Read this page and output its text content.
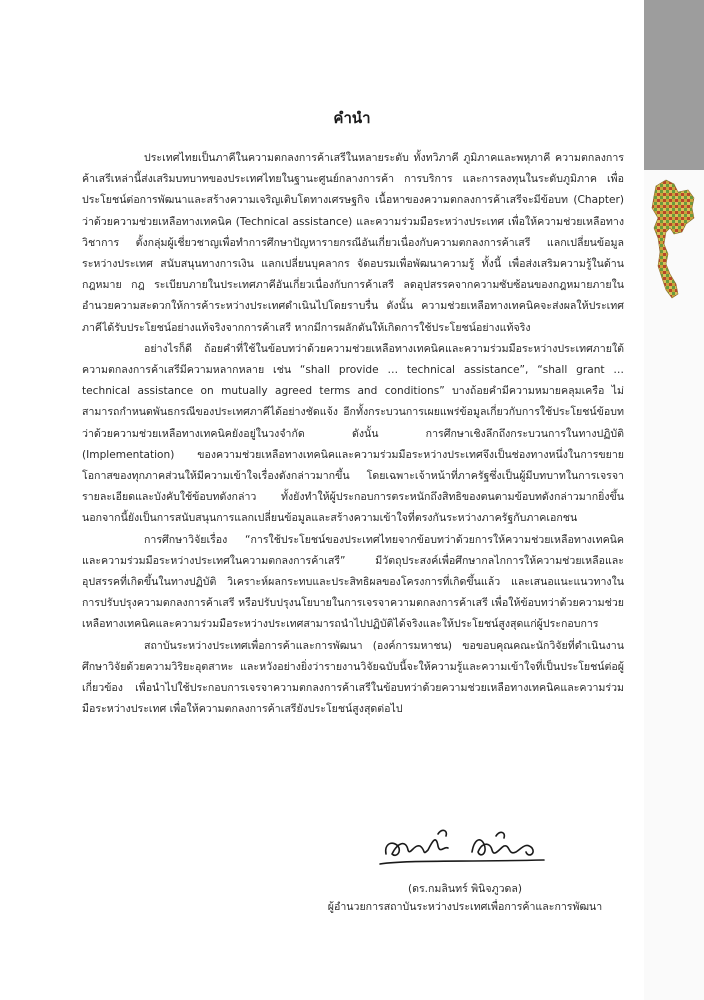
คำนำ

ประเทศไทยเป็นภาคีในความตกลงการค้าเสรีในหลายระดับ ทั้งทวิภาคี ภูมิภาคและพหุภาคี ความตกลงการค้าเสรีเหล่านี้ส่งเสริมบทบาทของประเทศไทยในฐานะศูนย์กลางการค้า การบริการ และการลงทุนในระดับภูมิภาค เพื่อประโยชน์ต่อการพัฒนาและสร้างความเจริญเติบโตทางเศรษฐกิจ เนื้อหาของความตกลงการค้าเสรีจะมีข้อบท (Chapter) ว่าด้วยความช่วยเหลือทางเทคนิค (Technical assistance) และความร่วมมือระหว่างประเทศ เพื่อให้ความช่วยเหลือทางวิชาการ ตั้งกลุ่มผู้เชี่ยวชาญเพื่อทำการศึกษาปัญหารายกรณีอันเกี่ยวเนื่องกับความตกลงการค้าเสรี แลกเปลี่ยนข้อมูลระหว่างประเทศ สนับสนุนทางการเงิน แลกเปลี่ยนบุคลากร จัดอบรมเพื่อพัฒนาความรู้ ทั้งนี้ เพื่อส่งเสริมความรู้ในด้านกฎหมาย กฎ ระเบียบภายในประเทศภาคีอันเกี่ยวเนื่องกับการค้าเสรี ลดอุปสรรคจากความซับซ้อนของกฎหมายภายใน อำนวยความสะดวกให้การค้าระหว่างประเทศดำเนินไปโดยราบรื่น ดังนั้น ความช่วยเหลือทางเทคนิคจะส่งผลให้ประเทศภาคีได้รับประโยชน์อย่างแท้จริงจากการค้าเสรี หากมีการผลักดันให้เกิดการใช้ประโยชน์อย่างแท้จริง

อย่างไรก็ดี ถ้อยคำที่ใช้ในข้อบทว่าด้วยความช่วยเหลือทางเทคนิคและความร่วมมือระหว่างประเทศภายใต้ความตกลงการค้าเสรีมีความหลากหลาย เช่น “shall provide … technical assistance”, “shall grant … technical assistance on mutually agreed terms and conditions” บางถ้อยคำมีความหมายคลุมเครือ ไม่สามารถกำหนดพันธกรณีของประเทศภาคีได้อย่างชัดแจ้ง อีกทั้งกระบวนการเผยแพร่ข้อมูลเกี่ยวกับการใช้ประโยชน์ข้อบทว่าด้วยความช่วยเหลือทางเทคนิคยังอยู่ในวงจำกัด ดังนั้น การศึกษาเชิงลึกถึงกระบวนการในทางปฏิบัติ (Implementation) ของความช่วยเหลือทางเทคนิคและความร่วมมือระหว่างประเทศจึงเป็นช่องทางหนึ่งในการขยายโอกาสของทุกภาคส่วนให้มีความเข้าใจเรื่องดังกล่าวมากขึ้น โดยเฉพาะเจ้าหน้าที่ภาครัฐซึ่งเป็นผู้มีบทบาทในการเจรจารายละเอียดและบังคับใช้ข้อบทดังกล่าว ทั้งยังทำให้ผู้ประกอบการตระหนักถึงสิทธิของตนตามข้อบทดังกล่าวมากยิ่งขึ้น นอกจากนี้ยังเป็นการสนับสนุนการแลกเปลี่ยนข้อมูลและสร้างความเข้าใจที่ตรงกันระหว่างภาครัฐกับภาคเอกชน

การศึกษาวิจัยเรื่อง “การใช้ประโยชน์ของประเทศไทยจากข้อบทว่าด้วยการให้ความช่วยเหลือทางเทคนิคและความร่วมมือระหว่างประเทศในความตกลงการค้าเสรี” มีวัตถุประสงค์เพื่อศึกษากลไกการให้ความช่วยเหลือและอุปสรรคที่เกิดขึ้นในทางปฏิบัติ วิเคราะห์ผลกระทบและประสิทธิผลของโครงการที่เกิดขึ้นแล้ว และเสนอแนะแนวทางในการปรับปรุงความตกลงการค้าเสรี หรือปรับปรุงนโยบายในการเจรจาความตกลงการค้าเสรี เพื่อให้ข้อบทว่าด้วยความช่วยเหลือทางเทคนิคและความร่วมมือระหว่างประเทศสามารถนำไปปฏิบัติได้จริงและให้ประโยชน์สูงสุดแก่ผู้ประกอบการ

สถาบันระหว่างประเทศเพื่อการค้าและการพัฒนา (องค์การมหาชน) ขอขอบคุณคณะนักวิจัยที่ดำเนินงานศึกษาวิจัยด้วยความวิริยะอุตสาหะ และหวังอย่างยิ่งว่ารายงานวิจัยฉบับนี้จะให้ความรู้และความเข้าใจที่เป็นประโยชน์ต่อผู้เกี่ยวข้อง เพื่อนำไปใช้ประกอบการเจรจาความตกลงการค้าเสรีในข้อบทว่าด้วยความช่วยเหลือทางเทคนิคและความร่วมมือระหว่างประเทศ เพื่อให้ความตกลงการค้าเสรียังประโยชน์สูงสุดต่อไป

(ดร.กมลินทร์ พินิจภูวดล)
ผู้อำนวยการสถาบันระหว่างประเทศเพื่อการค้าและการพัฒนา
